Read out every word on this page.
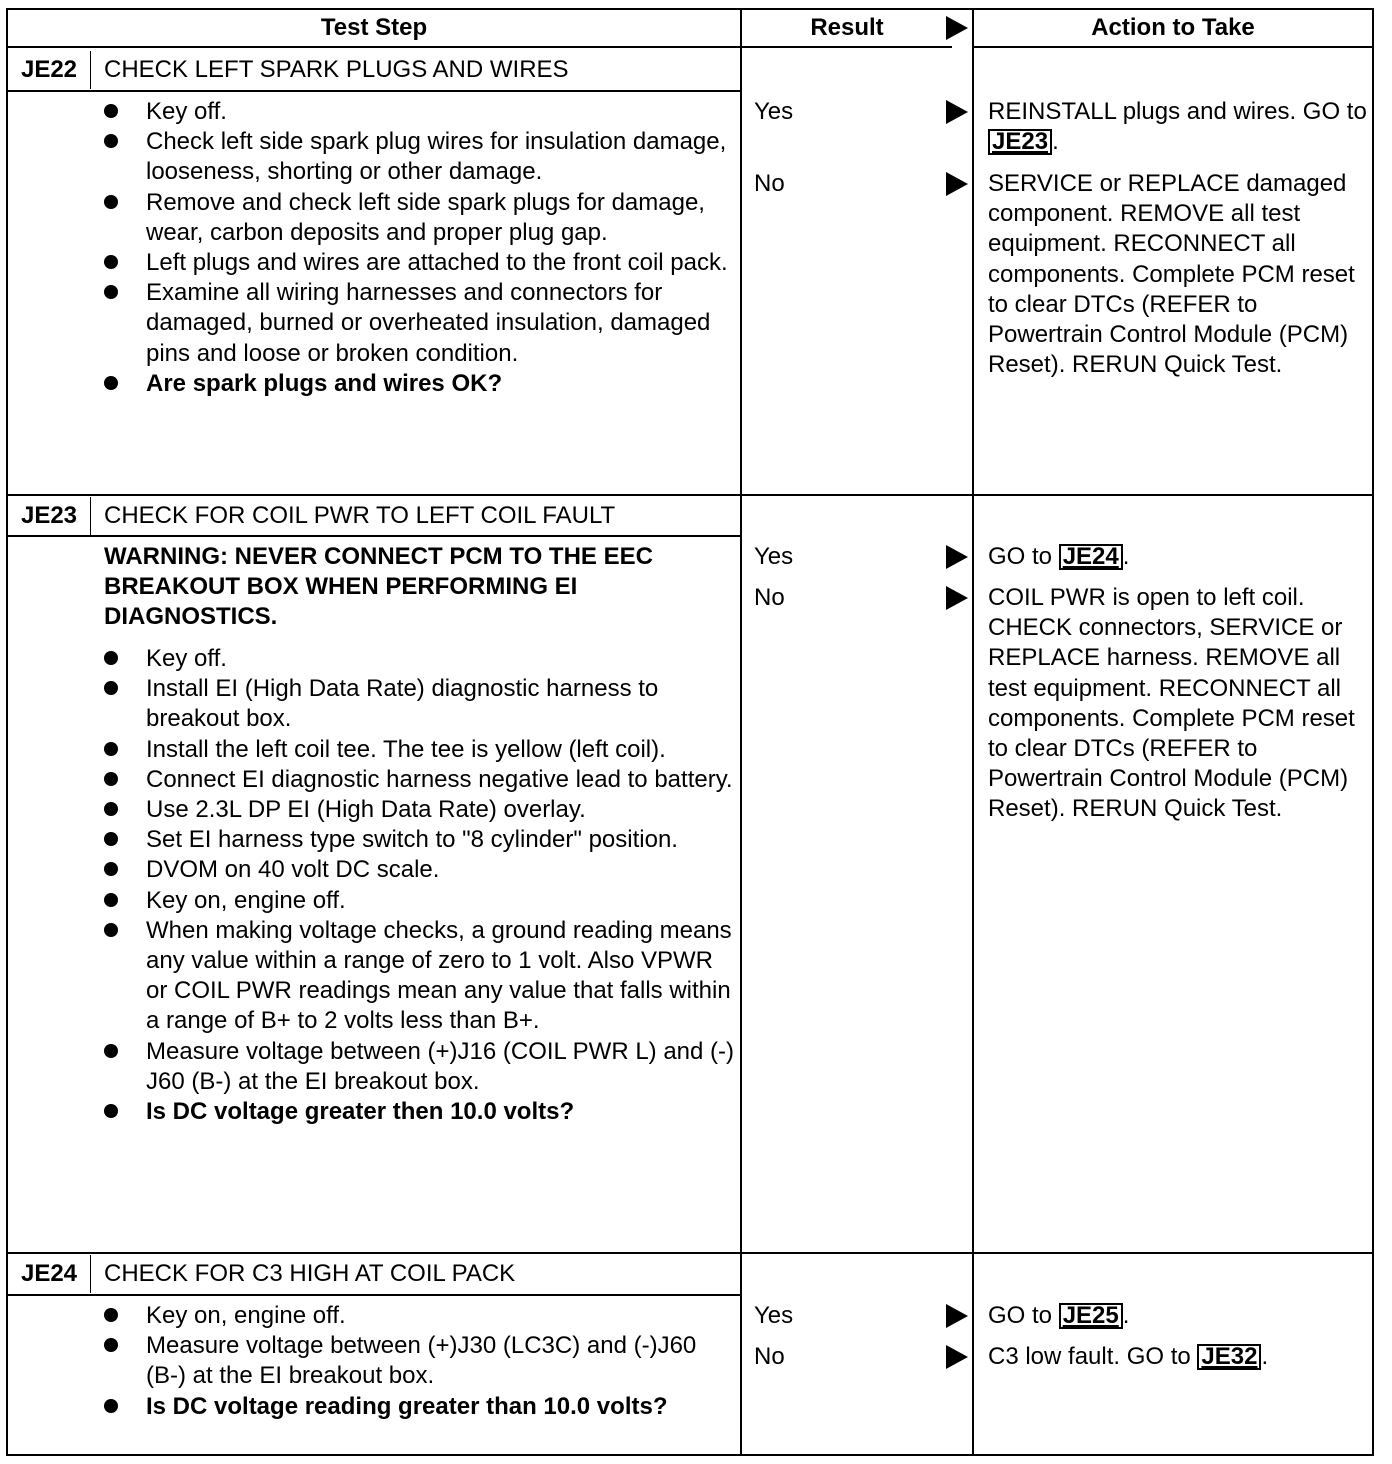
Test Step	Result	Action to Take
JE22	CHECK LEFT SPARK PLUGS AND WIRES
Key off.
Check left side spark plug wires for insulation damage, looseness, shorting or other damage.
Remove and check left side spark plugs for damage, wear, carbon deposits and proper plug gap.
Left plugs and wires are attached to the front coil pack.
Examine all wiring harnesses and connectors for damaged, burned or overheated insulation, damaged pins and loose or broken condition.
Are spark plugs and wires OK?
Yes	REINSTALL plugs and wires. GO to JE23 .
No	SERVICE or REPLACE damaged component. REMOVE all test equipment. RECONNECT all components. Complete PCM reset to clear DTCs (REFER to Powertrain Control Module (PCM) Reset). RERUN Quick Test.
JE23	CHECK FOR COIL PWR TO LEFT COIL FAULT
WARNING: NEVER CONNECT PCM TO THE EEC BREAKOUT BOX WHEN PERFORMING EI DIAGNOSTICS.
Key off.
Install EI (High Data Rate) diagnostic harness to breakout box.
Install the left coil tee. The tee is yellow (left coil).
Connect EI diagnostic harness negative lead to battery.
Use 2.3L DP EI (High Data Rate) overlay.
Set EI harness type switch to "8 cylinder" position.
DVOM on 40 volt DC scale.
Key on, engine off.
When making voltage checks, a ground reading means any value within a range of zero to 1 volt. Also VPWR or COIL PWR readings mean any value that falls within a range of B+ to 2 volts less than B+.
Measure voltage between (+)J16 (COIL PWR L) and (-) J60 (B-) at the EI breakout box.
Is DC voltage greater then 10.0 volts?
Yes	GO to JE24 .
No	COIL PWR is open to left coil. CHECK connectors, SERVICE or REPLACE harness. REMOVE all test equipment. RECONNECT all components. Complete PCM reset to clear DTCs (REFER to Powertrain Control Module (PCM) Reset). RERUN Quick Test.
JE24	CHECK FOR C3 HIGH AT COIL PACK
Key on, engine off.
Measure voltage between (+)J30 (LC3C) and (-)J60 (B-) at the EI breakout box.
Is DC voltage reading greater than 10.0 volts?
Yes	GO to JE25 .
No	C3 low fault. GO to JE32 .
